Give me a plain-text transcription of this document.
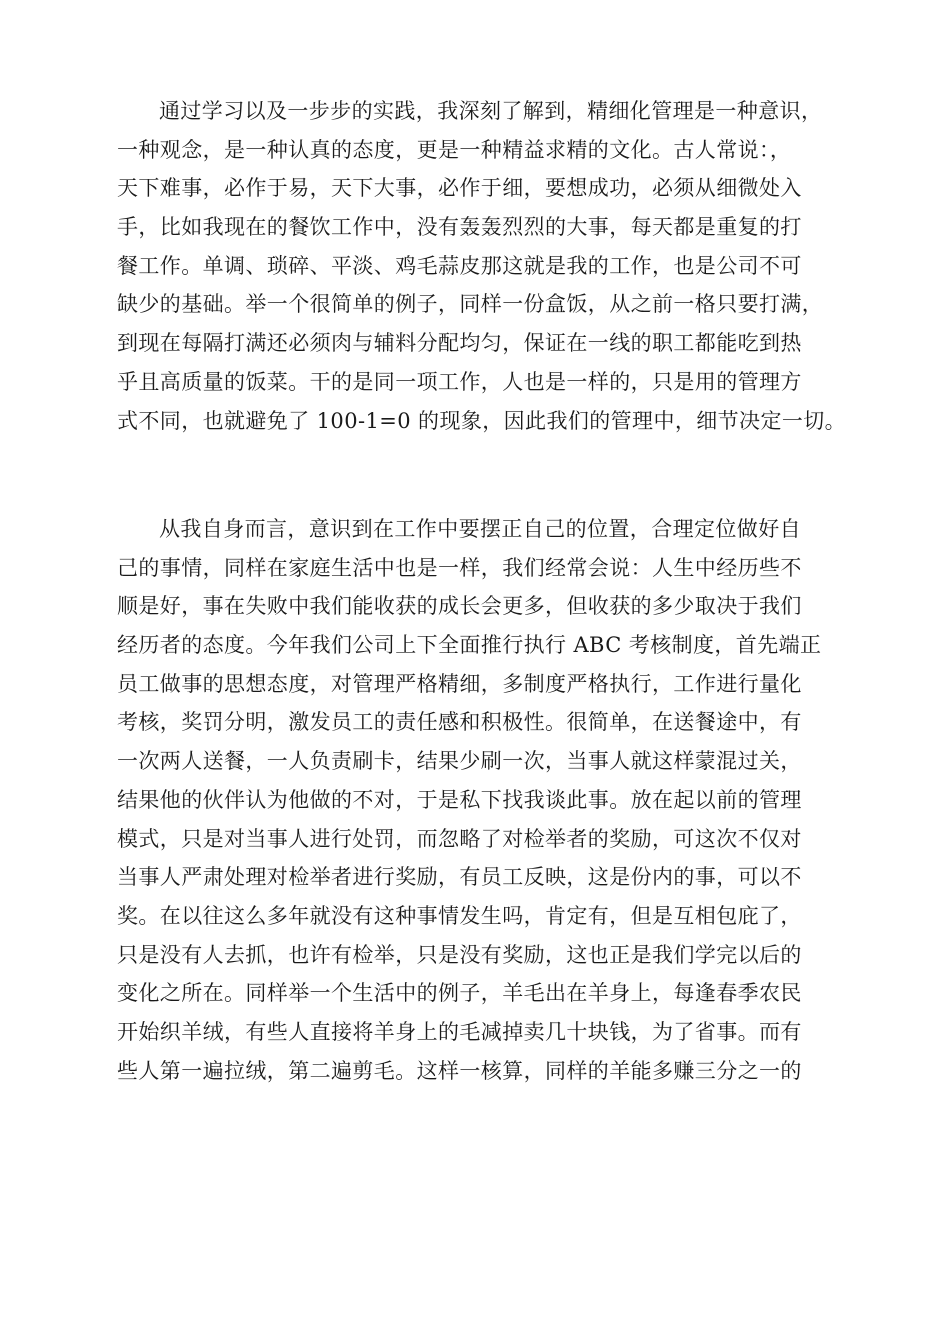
通过学习以及一步步的实践，我深刻了解到，精细化管理是一种意识，
一种观念，是一种认真的态度，更是一种精益求精的文化。古人常说：，
天下难事，必作于易，天下大事，必作于细，要想成功，必须从细微处入
手，比如我现在的餐饮工作中，没有轰轰烈烈的大事，每天都是重复的打
餐工作。单调、琐碎、平淡、鸡毛蒜皮那这就是我的工作，也是公司不可
缺少的基础。举一个很简单的例子，同样一份盒饭，从之前一格只要打满，
到现在每隔打满还必须肉与辅料分配均匀，保证在一线的职工都能吃到热
乎且高质量的饭菜。干的是同一项工作，人也是一样的，只是用的管理方
式不同，也就避免了 100-1=0 的现象，因此我们的管理中，细节决定一切。
从我自身而言，意识到在工作中要摆正自己的位置，合理定位做好自
己的事情，同样在家庭生活中也是一样，我们经常会说：人生中经历些不
顺是好，事在失败中我们能收获的成长会更多，但收获的多少取决于我们
经历者的态度。今年我们公司上下全面推行执行 ABC 考核制度，首先端正
员工做事的思想态度，对管理严格精细，多制度严格执行，工作进行量化
考核，奖罚分明，激发员工的责任感和积极性。很简单，在送餐途中，有
一次两人送餐，一人负责刷卡，结果少刷一次，当事人就这样蒙混过关，
结果他的伙伴认为他做的不对，于是私下找我谈此事。放在起以前的管理
模式，只是对当事人进行处罚，而忽略了对检举者的奖励，可这次不仅对
当事人严肃处理对检举者进行奖励，有员工反映，这是份内的事，可以不
奖。在以往这么多年就没有这种事情发生吗，肯定有，但是互相包庇了，
只是没有人去抓，也许有检举，只是没有奖励，这也正是我们学完以后的
变化之所在。同样举一个生活中的例子，羊毛出在羊身上，每逢春季农民
开始织羊绒，有些人直接将羊身上的毛减掉卖几十块钱，为了省事。而有
些人第一遍拉绒，第二遍剪毛。这样一核算，同样的羊能多赚三分之一的
